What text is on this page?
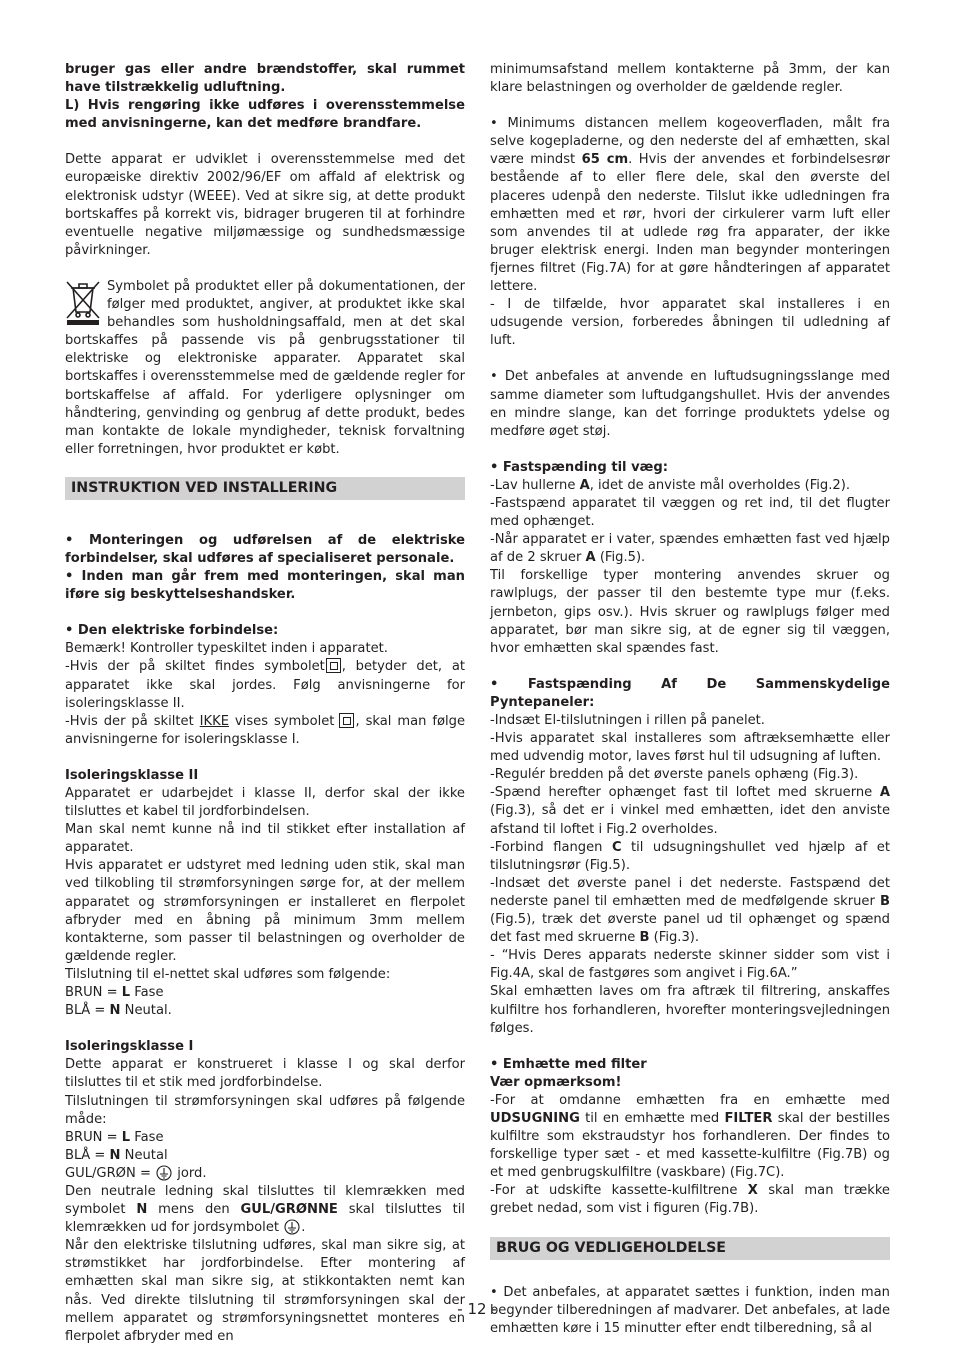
bruger gas eller andre brændstoffer, skal rummet have tilstrækkelig udluftning.

L) Hvis rengøring ikke udføres i overensstemmelse med anvisningerne, kan det medføre brandfare.

Dette apparat er udviklet i overensstemmelse med det europæiske direktiv 2002/96/EF om affald af elektrisk og elektronisk udstyr (WEEE). Ved at sikre sig, at dette produkt bortskaffes på korrekt vis, bidrager brugeren til at forhindre eventuelle negative miljømæssige og sundhedsmæssige påvirkninger.

Symbolet på produktet eller på dokumentationen, der følger med produktet, angiver, at produktet ikke skal behandles som husholdningsaffald, men at det skal bortskaffes på passende vis på genbrugsstationer til elektriske og elektroniske apparater. Apparatet skal bortskaffes i overensstemmelse med de gældende regler for bortskaffelse af affald. For yderligere oplysninger om håndtering, genvinding og genbrug af dette produkt, bedes man kontakte de lokale myndigheder, teknisk forvaltning eller forretningen, hvor produktet er købt.

INSTRUKTION VED INSTALLERING

• Monteringen og udførelsen af de elektriske forbindelser, skal udføres af specialiseret personale.

• Inden man går frem med monteringen, skal man iføre sig beskyttelseshandsker.

• Den elektriske forbindelse:

Bemærk! Kontroller typeskiltet inden i apparatet.

-Hvis der på skiltet findes symbolet , betyder det, at apparatet ikke skal jordes. Følg anvisningerne for isoleringsklasse II.

-Hvis der på skiltet IKKE vises symbolet , skal man følge anvisningerne for isoleringsklasse I.

Isoleringsklasse II

Apparatet er udarbejdet i klasse II, derfor skal der ikke tilsluttes et kabel til jordforbindelsen.

Man skal nemt kunne nå ind til stikket efter installation af apparatet.

Hvis apparatet er udstyret med ledning uden stik, skal man ved tilkobling til strømforsyningen sørge for, at der mellem apparatet og strømforsyningen er installeret en flerpolet afbryder med en åbning på minimum 3mm mellem kontakterne, som passer til belastningen og overholder de gældende regler.

Tilslutning til el-nettet skal udføres som følgende:

BRUN = L Fase

BLÅ = N Neutal.

Isoleringsklasse I

Dette apparat er konstrueret i klasse I og skal derfor tilsluttes til et stik med jordforbindelse.

Tilslutningen til strømforsyningen skal udføres på følgende måde:

BRUN = L Fase

BLÅ = N Neutal

GUL/GRØN =  jord.

Den neutrale ledning skal tilsluttes til klemrækken med symbolet N mens den GUL/GRØNNE skal tilsluttes til klemrækken ud for jordsymbolet .

Når den elektriske tilslutning udføres, skal man sikre sig, at strømstikket har jordforbindelse. Efter montering af emhætten skal man sikre sig, at stikkontakten nemt kan nås. Ved direkte tilslutning til strømforsyningen skal der mellem apparatet og strømforsyningsnettet monteres en flerpolet afbryder med en

minimumsafstand mellem kontakterne på 3mm, der kan klare belastningen og overholder de gældende regler.

• Minimums distancen mellem kogeoverfladen, målt fra selve kogepladerne, og den nederste del af emhætten, skal være mindst 65 cm. Hvis der anvendes et forbindelsesrør bestående af to eller flere dele, skal den øverste del placeres udenpå den nederste. Tilslut ikke udledningen fra emhætten med et rør, hvori der cirkulerer varm luft eller som anvendes til at udlede røg fra apparater, der ikke bruger elektrisk energi. Inden man begynder monteringen fjernes filtret (Fig.7A) for at gøre håndteringen af apparatet lettere.

- I de tilfælde, hvor apparatet skal installeres i en udsugende version, forberedes åbningen til udledning af luft.

• Det anbefales at anvende en luftudsugningsslange med samme diameter som luftudgangshullet. Hvis der anvendes en mindre slange, kan det forringe produktets ydelse og medføre øget støj.

• Fastspænding til væg:

-Lav hullerne A, idet de anviste mål overholdes (Fig.2).

-Fastspænd apparatet til væggen og ret ind, til det flugter med ophænget.

-Når apparatet er i vater, spændes emhætten fast ved hjælp af de 2 skruer A (Fig.5).

Til forskellige typer montering anvendes skruer og rawlplugs, der passer til den bestemte type mur (f.eks. jernbeton, gips osv.). Hvis skruer og rawlplugs følger med apparatet, bør man sikre sig, at de egner sig til væggen, hvor emhætten skal spændes fast.

• Fastspænding Af De Sammenskydelige Pyntepaneler:

-Indsæt El-tilslutningen i rillen på panelet.

-Hvis apparatet skal installeres som aftræksemhætte eller med udvendig motor, laves først hul til udsugning af luften.

-Regulér bredden på det øverste panels ophæng (Fig.3).

-Spænd herefter ophænget fast til loftet med skruerne A (Fig.3), så det er i vinkel med emhætten, idet den anviste afstand til loftet i Fig.2 overholdes.

-Forbind flangen C til udsugningshullet ved hjælp af et tilslutningsrør (Fig.5).

-Indsæt det øverste panel i det nederste. Fastspænd det nederste panel til emhætten med de medfølgende skruer B (Fig.5), træk det øverste panel ud til ophænget og spænd det fast med skruerne B (Fig.3).

- “Hvis Deres apparats nederste skinner sidder som vist i Fig.4A, skal de fastgøres som angivet i Fig.6A.”

Skal emhætten laves om fra aftræk til filtrering, anskaffes kulfiltre hos forhandleren, hvorefter monteringsvejledningen følges.

• Emhætte med filter

Vær opmærksom!

-For at omdanne emhætten fra en emhætte med UDSUGNING til en emhætte med FILTER skal der bestilles kulfiltre som ekstraudstyr hos forhandleren. Der findes to forskellige typer sæt - et med kassette-kulfiltre (Fig.7B) og et med genbrugskulfiltre (vaskbare) (Fig.7C).

-For at udskifte kassette-kulfiltrene X skal man trække grebet nedad, som vist i figuren (Fig.7B).

BRUG OG VEDLIGEHOLDELSE

• Det anbefales, at apparatet sættes i funktion, inden man begynder tilberedningen af madvarer. Det anbefales, at lade emhætten køre i 15 minutter efter endt tilberedning, så al

- 12 -
